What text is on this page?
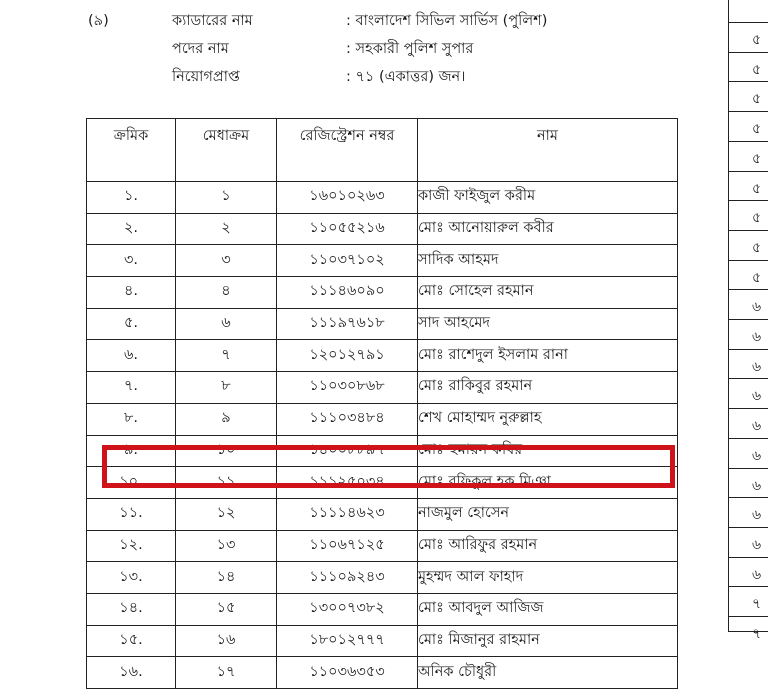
(৯)	ক্যাডারের নাম	: বাংলাদেশ সিভিল সার্ভিস (পুলিশ)
পদের নাম	: সহকারী পুলিশ সুপার
নিয়োগপ্রাপ্ত	: ৭১ (একাত্তর) জন।
ক্রমিক	মেধাক্রম	রেজিস্ট্রেশন নম্বর	নাম
১.	১	১৬০১০২৬৩	কাজী ফাইজুল করীম
২.	২	১১০৫৫২১৬	মোঃ আনোয়ারুল কবীর
৩.	৩	১১০৩৭১০২	সাদিক আহমদ
৪.	৪	১১১৪৬০৯০	মোঃ সোহেল রহমান
৫.	৬	১১১৯৭৬১৮	সাদ আহমেদ
৬.	৭	১২০১২৭৯১	মোঃ রাশেদুল ইসলাম রানা
৭.	৮	১১০৩০৮৬৮	মোঃ রাকিবুর রহমান
৮.	৯	১১১০৩৪৮৪	শেখ মোহাম্মদ নুরুল্লাহ
৯.	১০	১৪০০৮৮৯৭	মোঃ হুমায়ন কবির
১০.	১১	১১১২৫০৩৪	মোঃ রফিকুল হক মিঞা
১১.	১২	১১১১৪৬২৩	নাজমুল হোসেন
১২.	১৩	১১০৬৭১২৫	মোঃ আরিফুর রহমান
১৩.	১৪	১১১০৯২৪৩	মুহম্মদ আল ফাহাদ
১৪.	১৫	১৩০০৭৩৮২	মোঃ আবদুল আজিজ
১৫.	১৬	১৮০১২৭৭৭	মোঃ মিজানুর রাহমান
১৬.	১৭	১১০৩৬৩৫৩	অনিক চৌধুরী
৫
৫
৫
৫
৫
৫
৫
৫
৫
৬
৬
৬
৬
৬
৬
৬
৬
৬
৬
৭
৭
